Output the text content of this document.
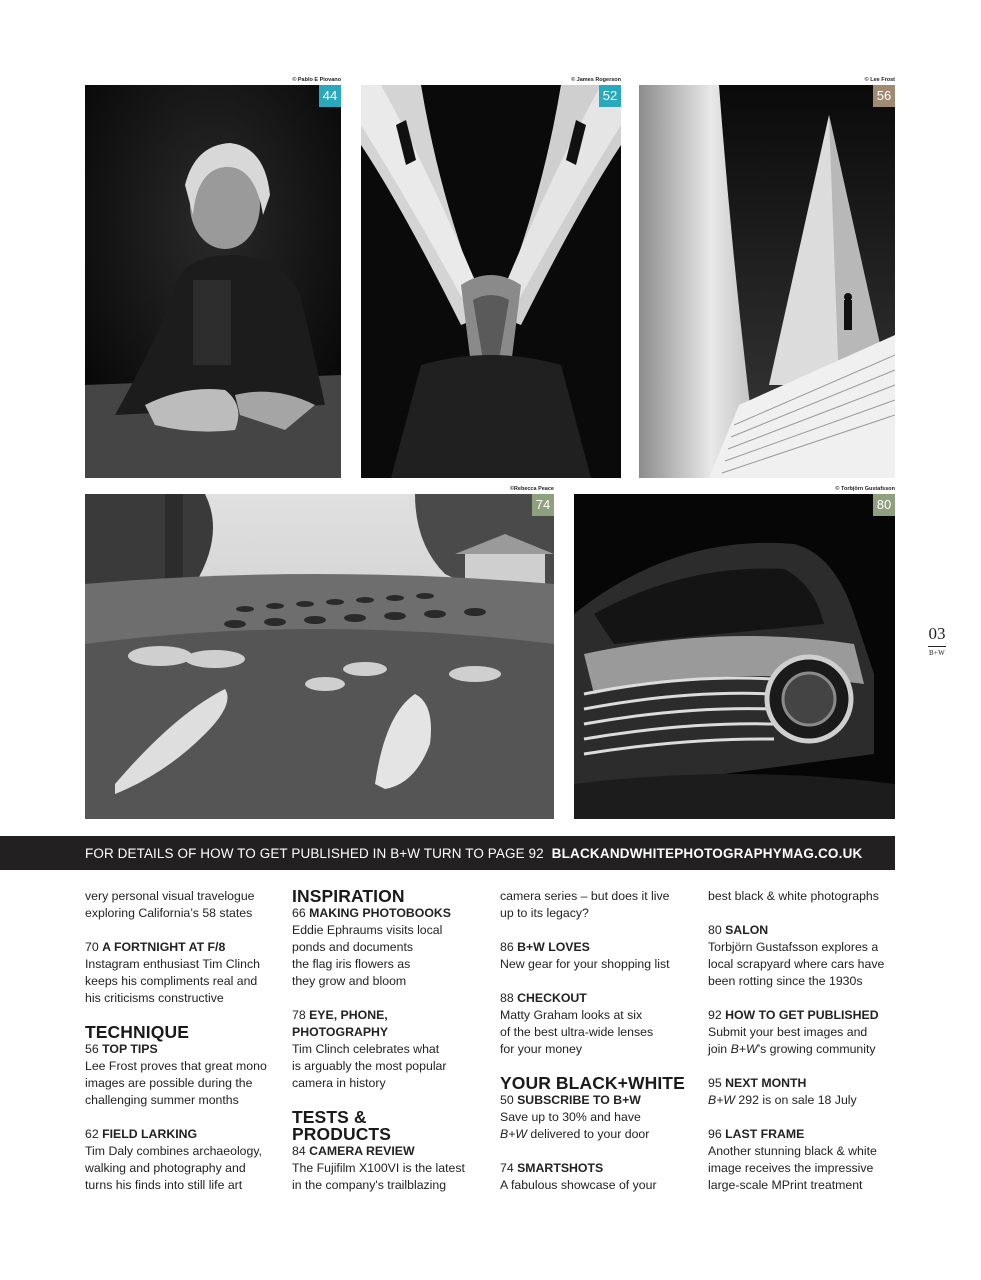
© Pablo E Piovano	© James Rogerson	© Lee Frost
©Rebecca Peace	© Torbjörn Gustafsson
44	52	56
74	80
03
B+W
FOR DETAILS OF HOW TO GET PUBLISHED IN B+W TURN TO PAGE 92 BLACKANDWHITEPHOTOGRAPHYMAG.CO.UK

very personal visual travelogue

exploring California’s 58 states

70 A FORTNIGHT AT F/8

Instagram enthusiast Tim Clinch

keeps his compliments real and

his criticisms constructive

TECHNIQUE

56 TOP TIPS

Lee Frost proves that great mono

images are possible during the

challenging summer months

62 FIELD LARKING

Tim Daly combines archaeology,

walking and photography and

turns his finds into still life art

INSPIRATION

66 MAKING PHOTOBOOKS

Eddie Ephraums visits local

ponds and documents

the flag iris flowers as

they grow and bloom

78 EYE, PHONE,

PHOTOGRAPHY

Tim Clinch celebrates what

is arguably the most popular

camera in history

TESTS &
PRODUCTS

84 CAMERA REVIEW

The Fujifilm X100VI is the latest

in the company's trailblazing

camera series – but does it live

up to its legacy?

86 B+W LOVES

New gear for your shopping list

88 CHECKOUT

Matty Graham looks at six

of the best ultra-wide lenses

for your money

YOUR BLACK+WHITE

50 SUBSCRIBE TO B+W

Save up to 30% and have

B+W delivered to your door

74 SMARTSHOTS

A fabulous showcase of your

best black & white photographs

80 SALON

Torbjörn Gustafsson explores a

local scrapyard where cars have

been rotting since the 1930s

92 HOW TO GET PUBLISHED

Submit your best images and

join B+W’s growing community

95 NEXT MONTH

B+W 292 is on sale 18 July

96 LAST FRAME

Another stunning black & white

image receives the impressive

large-scale MPrint treatment
